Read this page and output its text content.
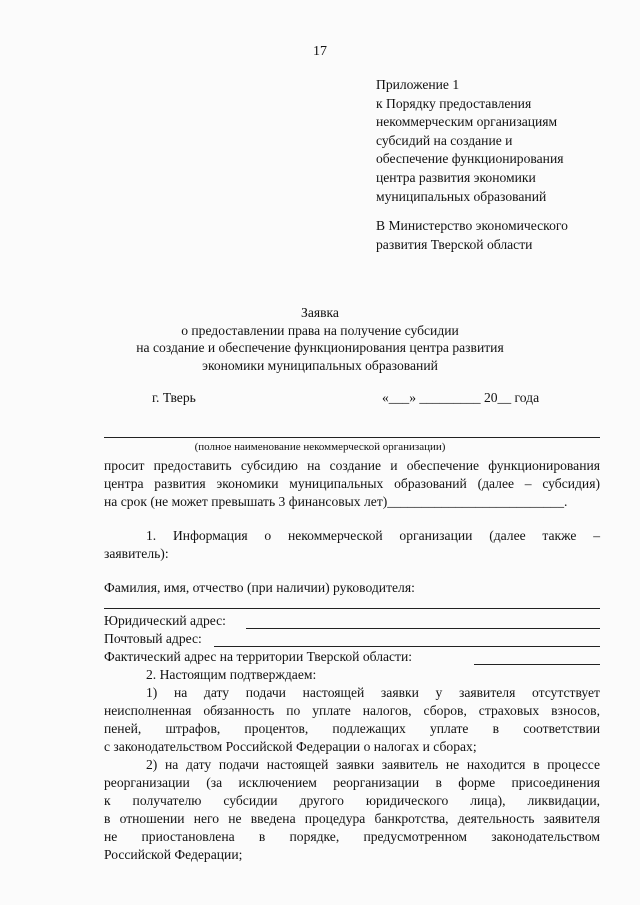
17
Приложение 1
к Порядку предоставления
некоммерческим организациям
субсидий на создание и
обеспечение функционирования
центра развития экономики
муниципальных образований
В Министерство экономического
развития Тверской области
Заявка
о предоставлении права на получение субсидии
на создание и обеспечение функционирования центра развития
экономики муниципальных образований
г. Тверь	«___» _________ 20__ года
(полное наименование некоммерческой организации)
просит предоставить субсидию на создание и обеспечение функционирования
центра развития экономики муниципальных образований (далее – субсидия)
на срок (не может превышать 3 финансовых лет)__________________________.
1. Информация о некоммерческой организации (далее также –
заявитель):
Фамилия, имя, отчество (при наличии) руководителя:
Юридический адрес:
Почтовый адрес:
Фактический адрес на территории Тверской области:
2. Настоящим подтверждаем:
1) на дату подачи настоящей заявки у заявителя отсутствует
неисполненная обязанность по уплате налогов, сборов, страховых взносов,
пеней, штрафов, процентов, подлежащих уплате в соответствии
с законодательством Российской Федерации о налогах и сборах;
2) на дату подачи настоящей заявки заявитель не находится в процессе
реорганизации (за исключением реорганизации в форме присоединения
к получателю субсидии другого юридического лица), ликвидации,
в отношении него не введена процедура банкротства, деятельность заявителя
не приостановлена в порядке, предусмотренном законодательством
Российской Федерации;
